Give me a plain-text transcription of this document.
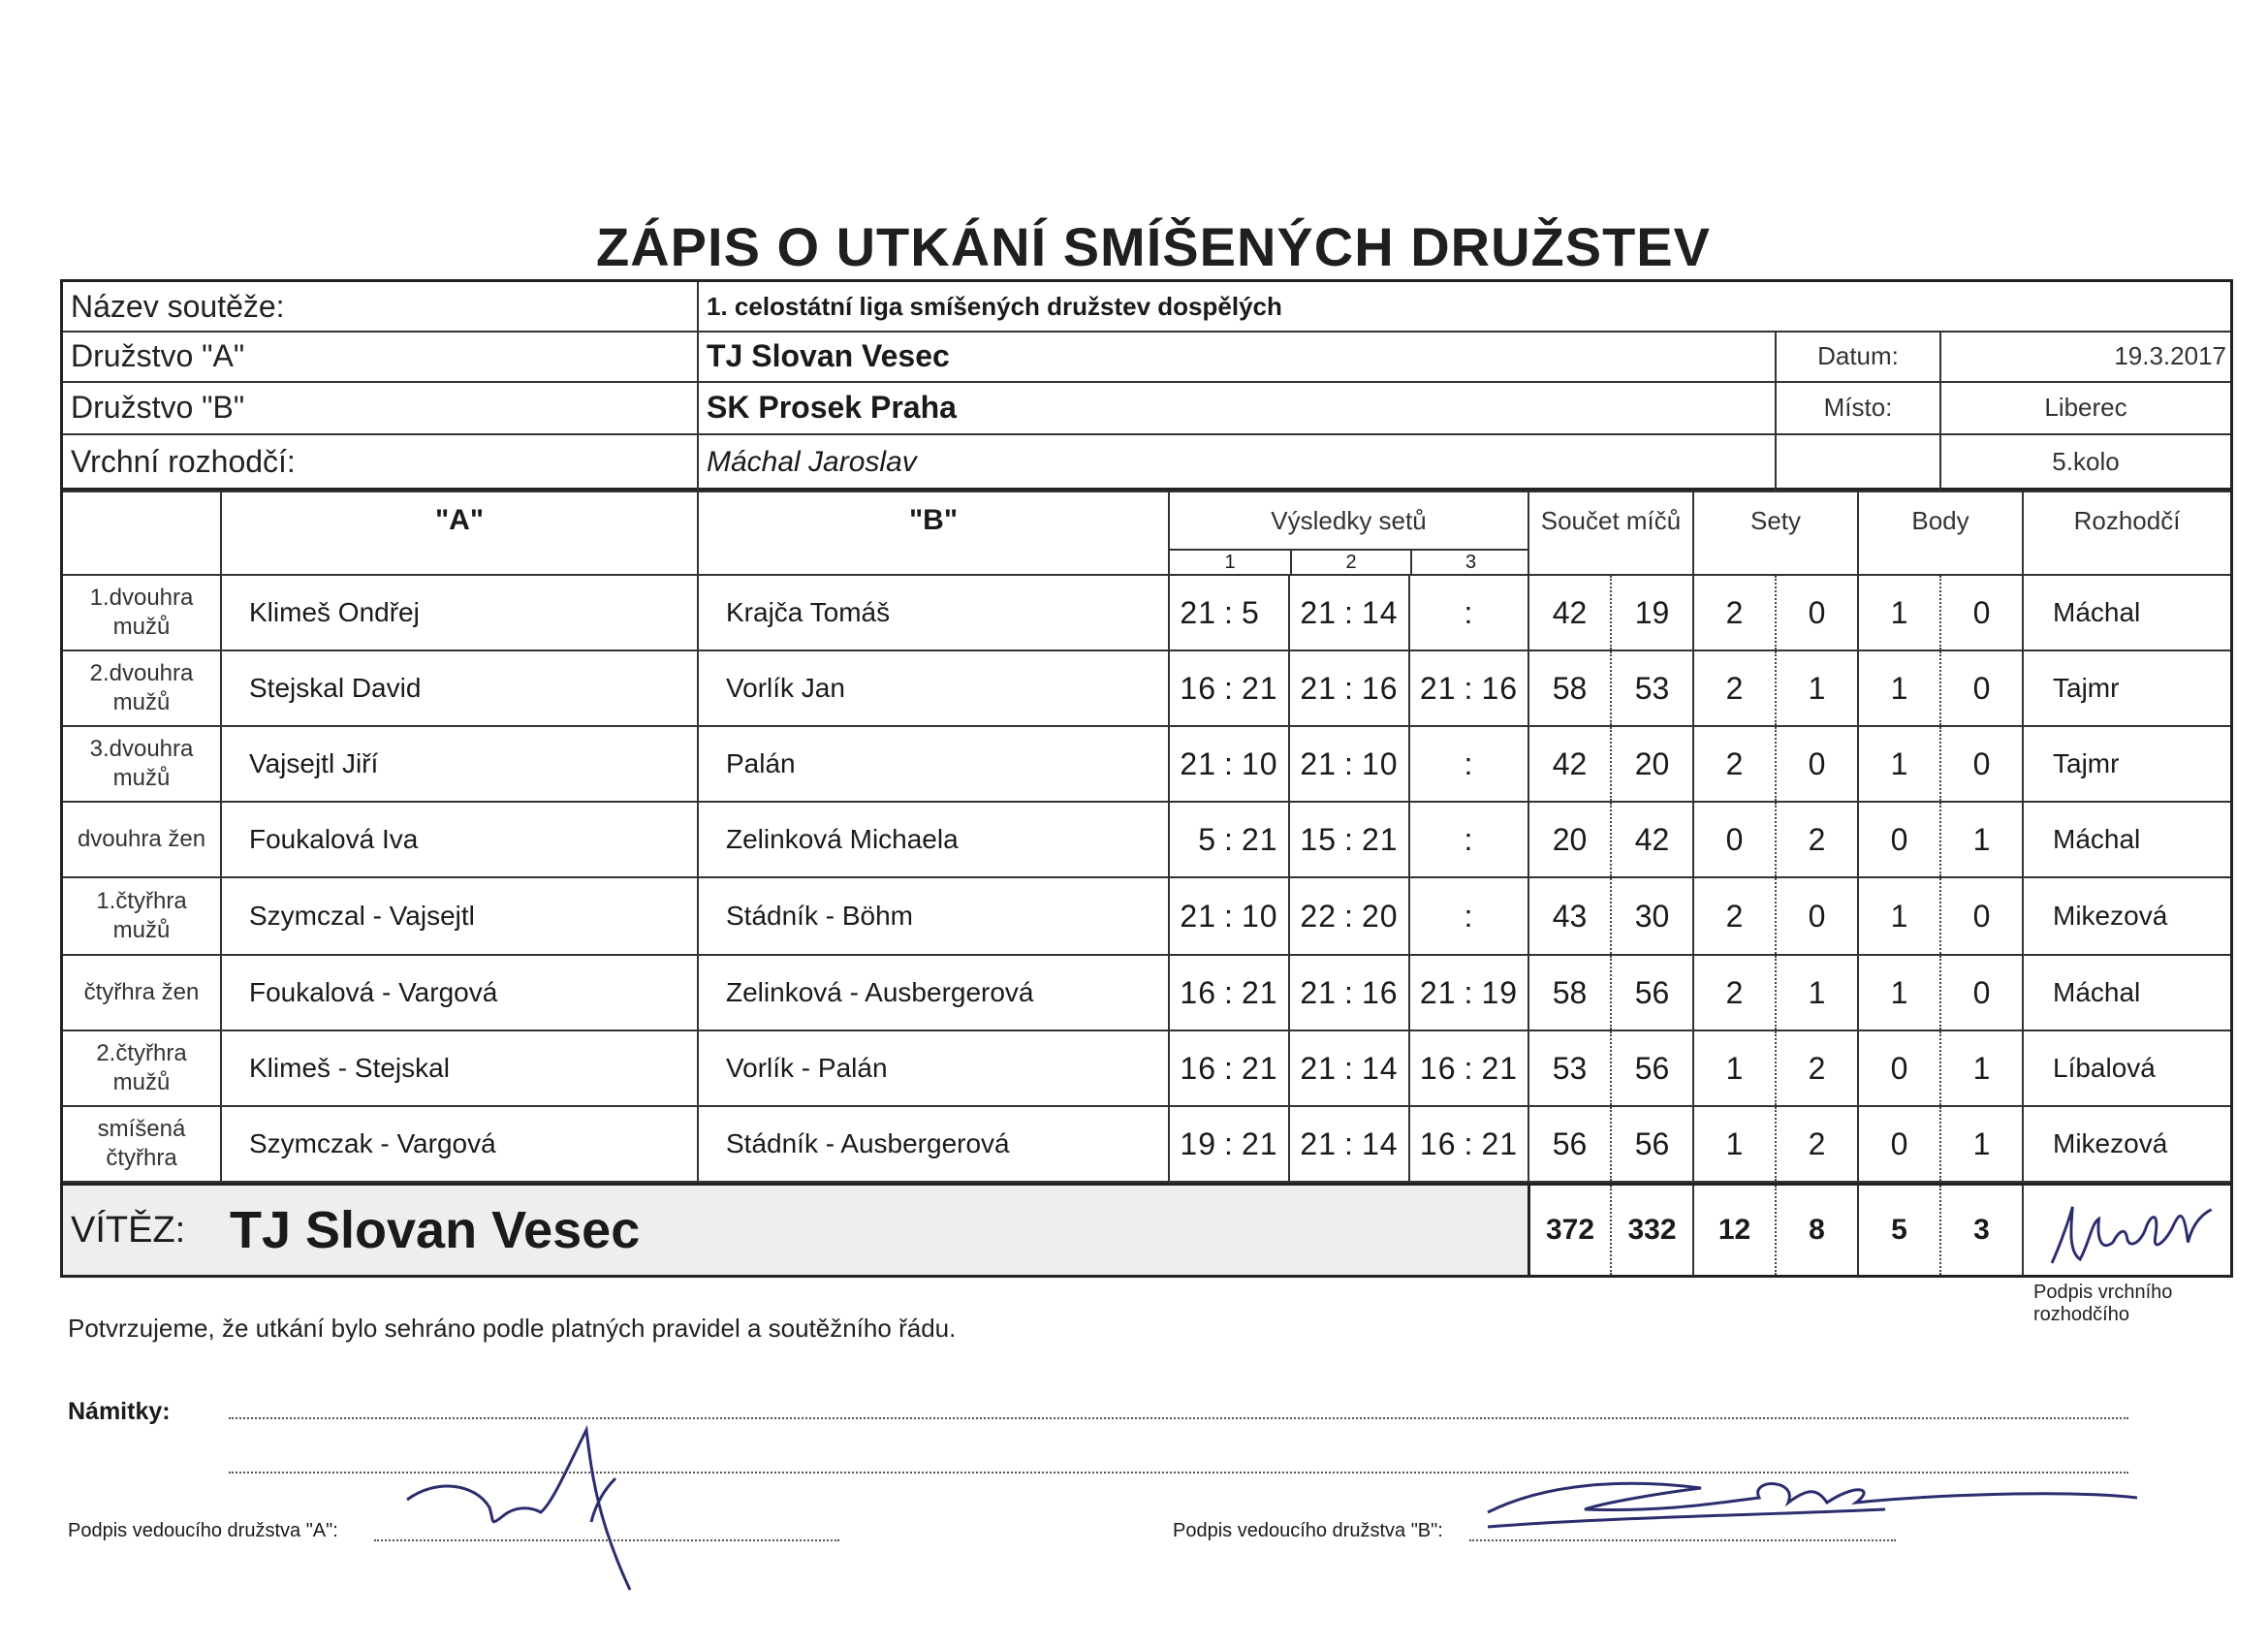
ZÁPIS O UTKÁNÍ SMÍŠENÝCH DRUŽSTEV
Název soutěže:	1. celostátní liga smíšených družstev dospělých
Družstvo "A"	TJ Slovan Vesec	Datum:	19.3.2017
Družstvo "B"	SK Prosek Praha	Místo:	Liberec
Vrchní rozhodčí:	Máchal Jaroslav	5.kolo
"A"	"B"	Výsledky setů
1	2	3
Součet míčů	Sety	Body	Rozhodčí
1.dvouhra
mužů	Klimeš Ondřej	Krajča Tomáš	21 : 5	21 : 14 :	42	19	2	0	1	0	Máchal
2.dvouhra
mužů	Stejskal David	Vorlík Jan	16 : 21 21 : 16 21 : 16	58	53	2	1	1	0	Tajmr
3.dvouhra
mužů	Vajsejtl Jiří	Palán	21 : 10 21 : 10 :	42	20	2	0	1	0	Tajmr
dvouhra žen	Foukalová Iva	Zelinková Michaela	5 : 21 15 : 21 :	20	42	0	2	0	1	Máchal
1.čtyřhra
mužů	Szymczal - Vajsejtl	Stádník - Böhm	21 : 10 22 : 20 :	43	30	2	0	1	0	Mikezová
čtyřhra žen	Foukalová - Vargová	Zelinková - Ausbergerová	16 : 21 21 : 16 21 : 19	58	56	2	1	1	0	Máchal
2.čtyřhra
mužů	Klimeš - Stejskal	Vorlík - Palán	16 : 21 21 : 14 16 : 21	53	56	1	2	0	1	Líbalová
smíšená
čtyřhra	Szymczak - Vargová	Stádník - Ausbergerová	19 : 21 21 : 14 16 : 21	56	56	1	2	0	1	Mikezová
VÍTĚZ: TJ Slovan Vesec	372	332	12	8	5	3
Podpis vrchního rozhodčího
Potvrzujeme, že utkání bylo sehráno podle platných pravidel a soutěžního řádu.
Námitky:
Podpis vedoucího družstva "A":	Podpis vedoucího družstva "B":
